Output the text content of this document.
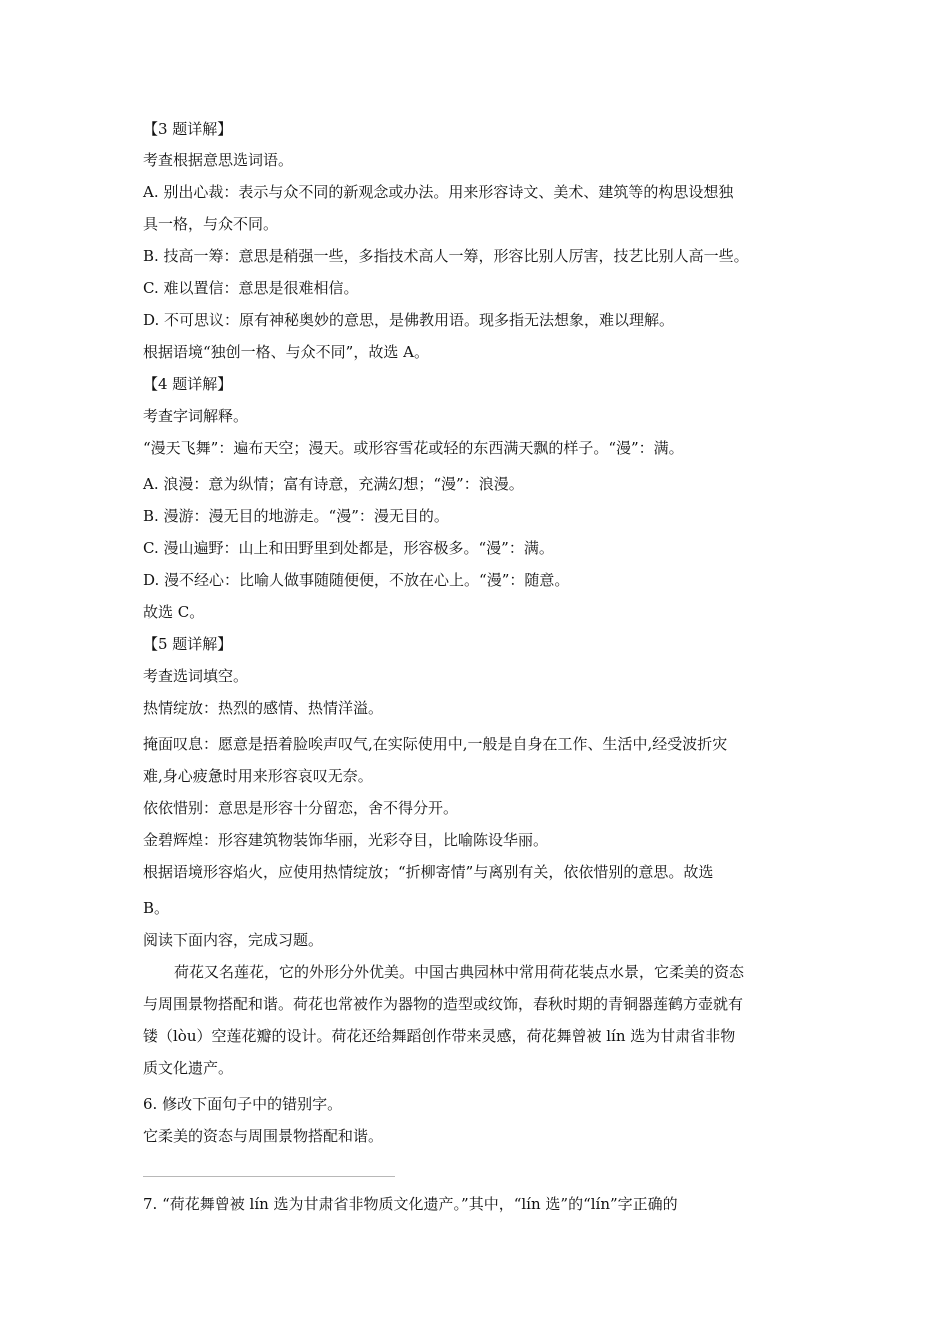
【3 题详解】
考查根据意思选词语。
A. 别出心裁：表示与众不同的新观念或办法。用来形容诗文、美术、建筑等的构思设想独
具一格，与众不同。
B. 技高一筹：意思是稍强一些，多指技术高人一筹，形容比别人厉害，技艺比别人高一些。
C. 难以置信：意思是很难相信。
D. 不可思议：原有神秘奥妙的意思，是佛教用语。现多指无法想象，难以理解。
根据语境“独创一格、与众不同”，故选 A。
【4 题详解】
考查字词解释。
“漫天飞舞”：遍布天空；漫天。或形容雪花或轻的东西满天飘的样子。“漫”：满。
A. 浪漫：意为纵情；富有诗意，充满幻想；“漫”：浪漫。
B. 漫游：漫无目的地游走。“漫”：漫无目的。
C. 漫山遍野：山上和田野里到处都是，形容极多。“漫”：满。
D. 漫不经心：比喻人做事随随便便，不放在心上。“漫”：随意。
故选 C。
【5 题详解】
考查选词填空。
热情绽放：热烈的感情、热情洋溢。
掩面叹息：愿意是捂着脸唉声叹气,在实际使用中,一般是自身在工作、生活中,经受波折灾
难,身心疲惫时用来形容哀叹无奈。
依依惜别：意思是形容十分留恋，舍不得分开。
金碧辉煌：形容建筑物装饰华丽，光彩夺目，比喻陈设华丽。
根据语境形容焰火，应使用热情绽放；“折柳寄情”与离别有关，依依惜别的意思。故选
B。
阅读下面内容，完成习题。
荷花又名莲花，它的外形分外优美。中国古典园林中常用荷花装点水景，它柔美的资态
与周围景物搭配和谐。荷花也常被作为器物的造型或纹饰，春秋时期的青铜器莲鹤方壶就有
镂（lòu）空莲花瓣的设计。荷花还给舞蹈创作带来灵感，荷花舞曾被 lín 选为甘肃省非物
质文化遗产。
6. 修改下面句子中的错别字。
它柔美的资态与周围景物搭配和谐。
7. “荷花舞曾被 lín 选为甘肃省非物质文化遗产。”其中，“lín 选”的“lín”字正确的
